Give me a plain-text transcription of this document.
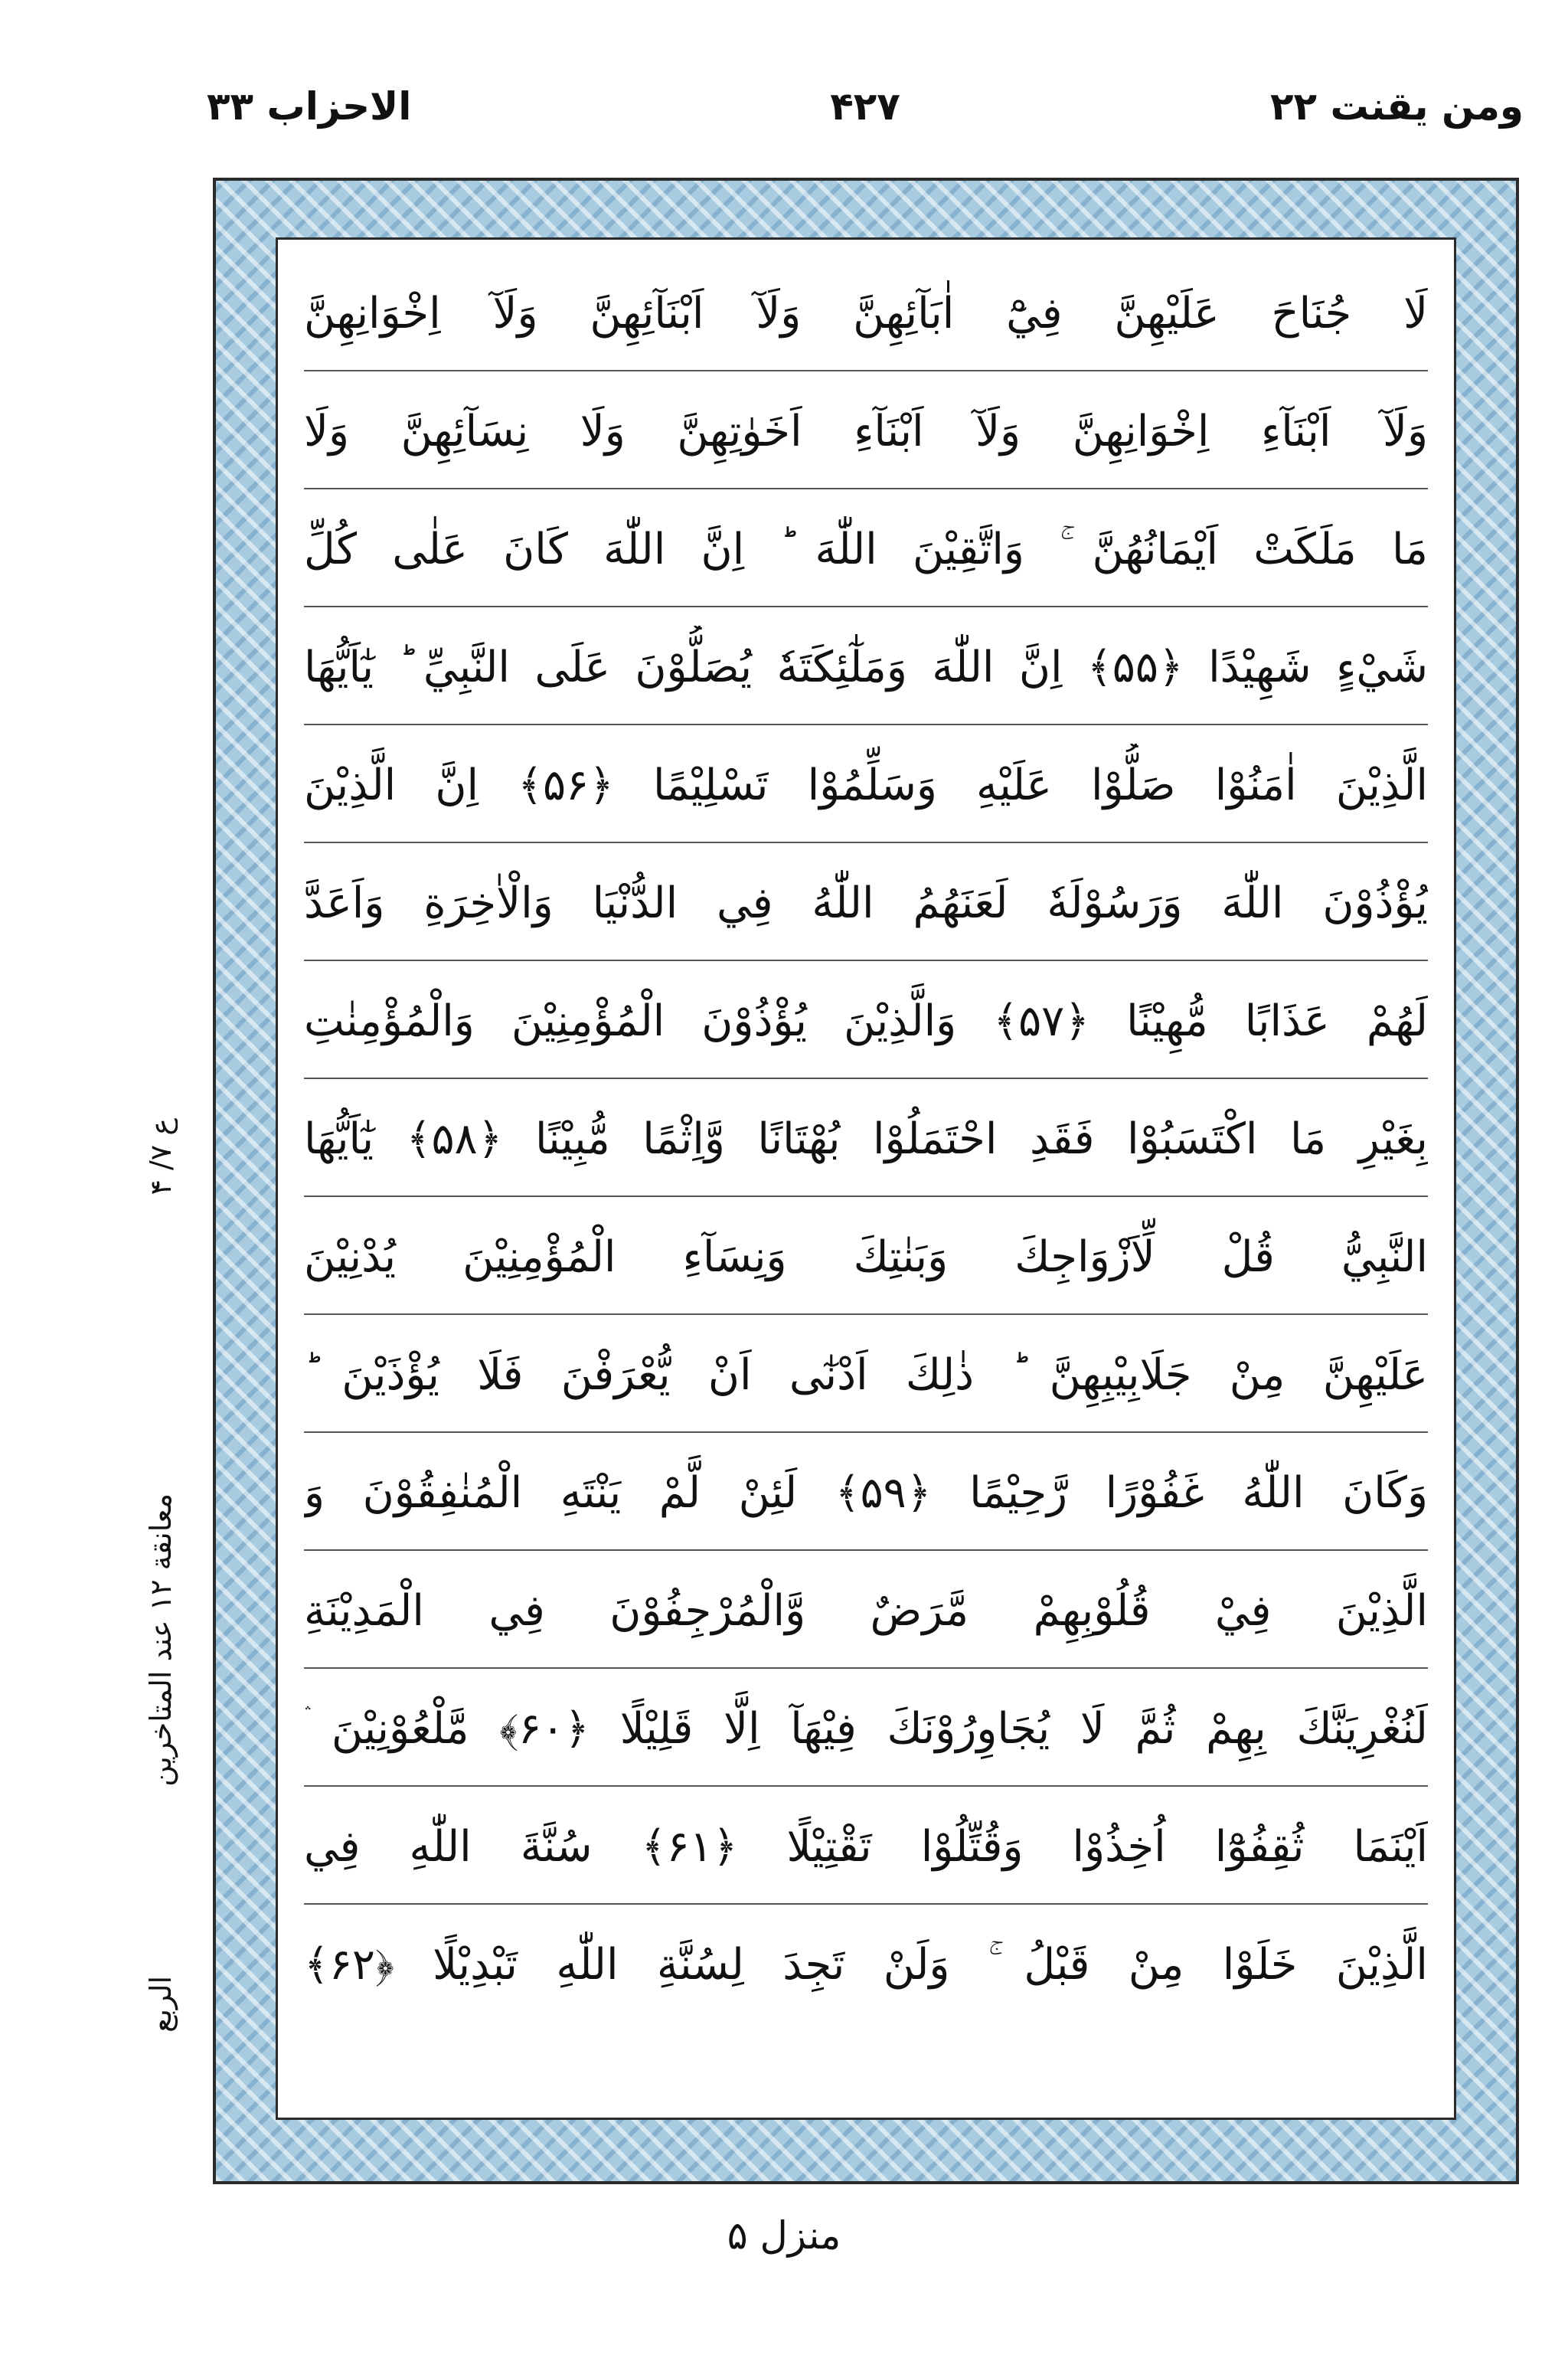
ومن يقنت ۲۲
۴۲۷
الاحزاب ۳۳
ع ۷/ ۴
معانقة ۱۲ عند المتاخرين
الربع
لَا جُنَاحَ عَلَيْهِنَّ فِيْٓ اٰبَآئِهِنَّ وَلَآ اَبْنَآئِهِنَّ وَلَآ اِخْوَانِهِنَّ
وَلَآ اَبْنَآءِ اِخْوَانِهِنَّ وَلَآ اَبْنَآءِ اَخَوٰتِهِنَّ وَلَا نِسَآئِهِنَّ وَلَا
مَا مَلَكَتْ اَيْمَانُهُنَّ ۚ وَاتَّقِيْنَ اللّٰهَ ؕ اِنَّ اللّٰهَ كَانَ عَلٰى كُلِّ
شَيْءٍ شَهِيْدًا ﴿۵۵﴾ اِنَّ اللّٰهَ وَمَلٰٓئِكَتَهٗ يُصَلُّوْنَ عَلَى النَّبِيِّ ؕ يٰٓاَيُّهَا
الَّذِيْنَ اٰمَنُوْا صَلُّوْا عَلَيْهِ وَسَلِّمُوْا تَسْلِيْمًا ﴿۵۶﴾ اِنَّ الَّذِيْنَ
يُؤْذُوْنَ اللّٰهَ وَرَسُوْلَهٗ لَعَنَهُمُ اللّٰهُ فِي الدُّنْيَا وَالْاٰخِرَةِ وَاَعَدَّ
لَهُمْ عَذَابًا مُّهِيْنًا ﴿۵۷﴾ وَالَّذِيْنَ يُؤْذُوْنَ الْمُؤْمِنِيْنَ وَالْمُؤْمِنٰتِ
بِغَيْرِ مَا اكْتَسَبُوْا فَقَدِ احْتَمَلُوْا بُهْتَانًا وَّاِثْمًا مُّبِيْنًا ﴿۵۸﴾ يٰٓاَيُّهَا
النَّبِيُّ قُلْ لِّاَزْوَاجِكَ وَبَنٰتِكَ وَنِسَآءِ الْمُؤْمِنِيْنَ يُدْنِيْنَ
عَلَيْهِنَّ مِنْ جَلَابِيْبِهِنَّ ؕ ذٰلِكَ اَدْنٰٓى اَنْ يُّعْرَفْنَ فَلَا يُؤْذَيْنَ ؕ
وَكَانَ اللّٰهُ غَفُوْرًا رَّحِيْمًا ﴿۵۹﴾ لَئِنْ لَّمْ يَنْتَهِ الْمُنٰفِقُوْنَ وَ
الَّذِيْنَ فِيْ قُلُوْبِهِمْ مَّرَضٌ وَّالْمُرْجِفُوْنَ فِي الْمَدِيْنَةِ
لَنُغْرِيَنَّكَ بِهِمْ ثُمَّ لَا يُجَاوِرُوْنَكَ فِيْهَآ اِلَّا قَلِيْلًا ﴿۶۰﴾ مَّلْعُوْنِيْنَ ۛ
اَيْنَمَا ثُقِفُوْٓا اُخِذُوْا وَقُتِّلُوْا تَقْتِيْلًا ﴿۶۱﴾ سُنَّةَ اللّٰهِ فِي
الَّذِيْنَ خَلَوْا مِنْ قَبْلُ ۚ وَلَنْ تَجِدَ لِسُنَّةِ اللّٰهِ تَبْدِيْلًا ﴿۶۲﴾
منزل ۵
